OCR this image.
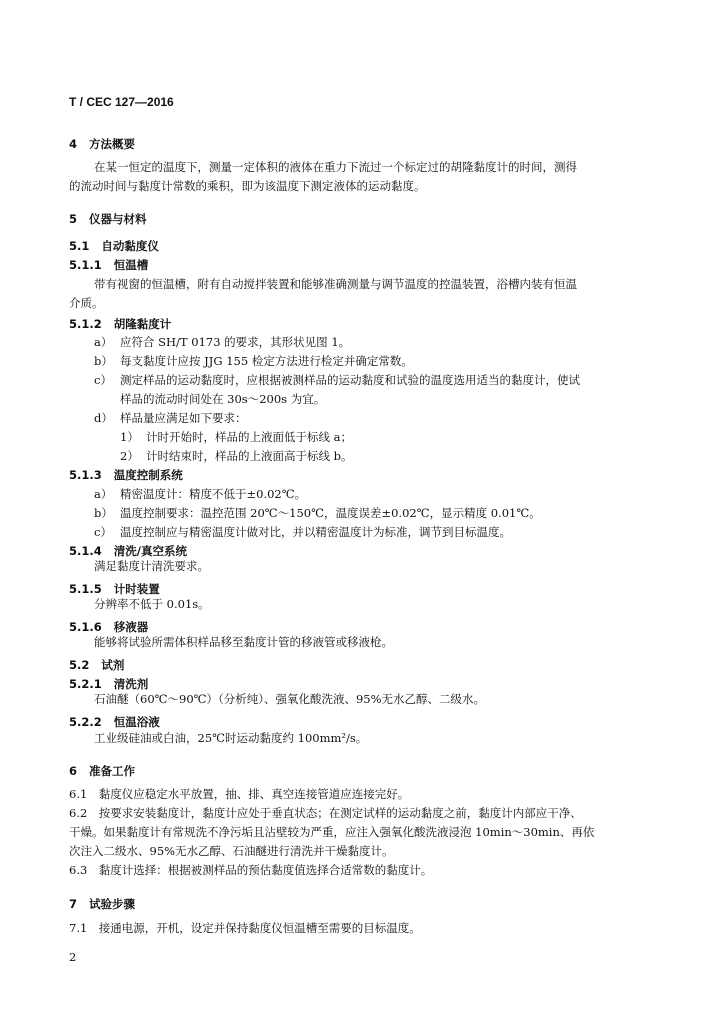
T / CEC 127—2016
4 方法概要
在某一恒定的温度下，测量一定体积的液体在重力下流过一个标定过的胡隆黏度计的时间，测得
的流动时间与黏度计常数的乘积，即为该温度下测定液体的运动黏度。
5 仪器与材料
5.1 自动黏度仪
5.1.1 恒温槽
带有视窗的恒温槽，附有自动搅拌装置和能够准确测量与调节温度的控温装置，浴槽内装有恒温
介质。
5.1.2 胡隆黏度计
a） 应符合 SH/T 0173 的要求，其形状见图 1。
b） 每支黏度计应按 JJG 155 检定方法进行检定并确定常数。
c） 测定样品的运动黏度时，应根据被测样品的运动黏度和试验的温度选用适当的黏度计，使试
样品的流动时间处在 30s～200s 为宜。
d） 样品量应满足如下要求：
1） 计时开始时，样品的上液面低于标线 a；
2） 计时结束时，样品的上液面高于标线 b。
5.1.3 温度控制系统
a） 精密温度计：精度不低于±0.02℃。
b） 温度控制要求：温控范围 20℃～150℃，温度误差±0.02℃，显示精度 0.01℃。
c） 温度控制应与精密温度计做对比，并以精密温度计为标准，调节到目标温度。
5.1.4 清洗/真空系统
满足黏度计清洗要求。
5.1.5 计时装置
分辨率不低于 0.01s。
5.1.6 移液器
能够将试验所需体积样品移至黏度计管的移液管或移液枪。
5.2 试剂
5.2.1 清洗剂
石油醚（60℃～90℃）（分析纯）、强氧化酸洗液、95%无水乙醇、二级水。
5.2.2 恒温浴液
工业级硅油或白油，25℃时运动黏度约 100mm²/s。
6 准备工作
6.1　黏度仪应稳定水平放置，抽、排、真空连接管道应连接完好。
6.2　按要求安装黏度计，黏度计应处于垂直状态；在测定试样的运动黏度之前，黏度计内部应干净、
干燥。如果黏度计有常规洗不净污垢且沾壁较为严重，应注入强氧化酸洗液浸泡 10min～30min、再依
次注入二级水、95%无水乙醇、石油醚进行清洗并干燥黏度计。
6.3　黏度计选择：根据被测样品的预估黏度值选择合适常数的黏度计。
7 试验步骤
7.1　接通电源，开机，设定并保持黏度仪恒温槽至需要的目标温度。
2
